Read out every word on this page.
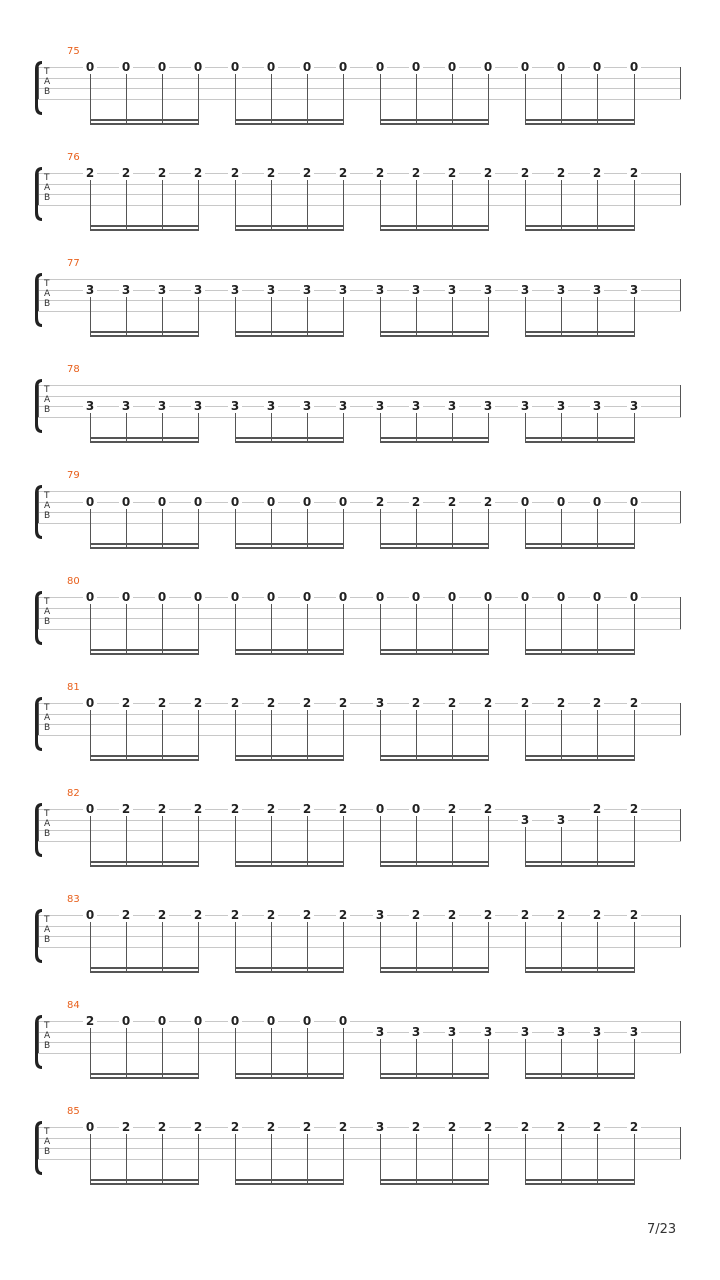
7/23
75
T
A
B
0 0 0 0 0 0 0 0 0 0 0 0 0 0 0 0
76
T
A
B
2 2 2 2 2 2 2 2 2 2 2 2 2 2 2 2
77
T
A
B
3 3 3 3 3 3 3 3 3 3 3 3 3 3 3 3
78
T
A
B	3 3 3 3 3 3 3 3 3 3 3 3 3 3 3 3
79
T
A
B
0 0 0 0 0 0 0 0 2 2 2 2 0 0 0 0
80
T
A
B
0 0 0 0 0 0 0 0 0 0 0 0 0 0 0 0
81
T
A
B
0 2 2 2 2 2 2 2 3 2 2 2 2 2 2 2
82
T
A
B
0 2 2 2 2 2 2 2 0 0 2 2
3 3
2 2
83
T
A
B
0 2 2 2 2 2 2 2 3 2 2 2 2 2 2 2
84
T
A
B
2 0 0 0 0 0 0 0
3 3 3 3 3 3 3 3
85
T
A
B
0 2 2 2 2 2 2 2 3 2 2 2 2 2 2 2
